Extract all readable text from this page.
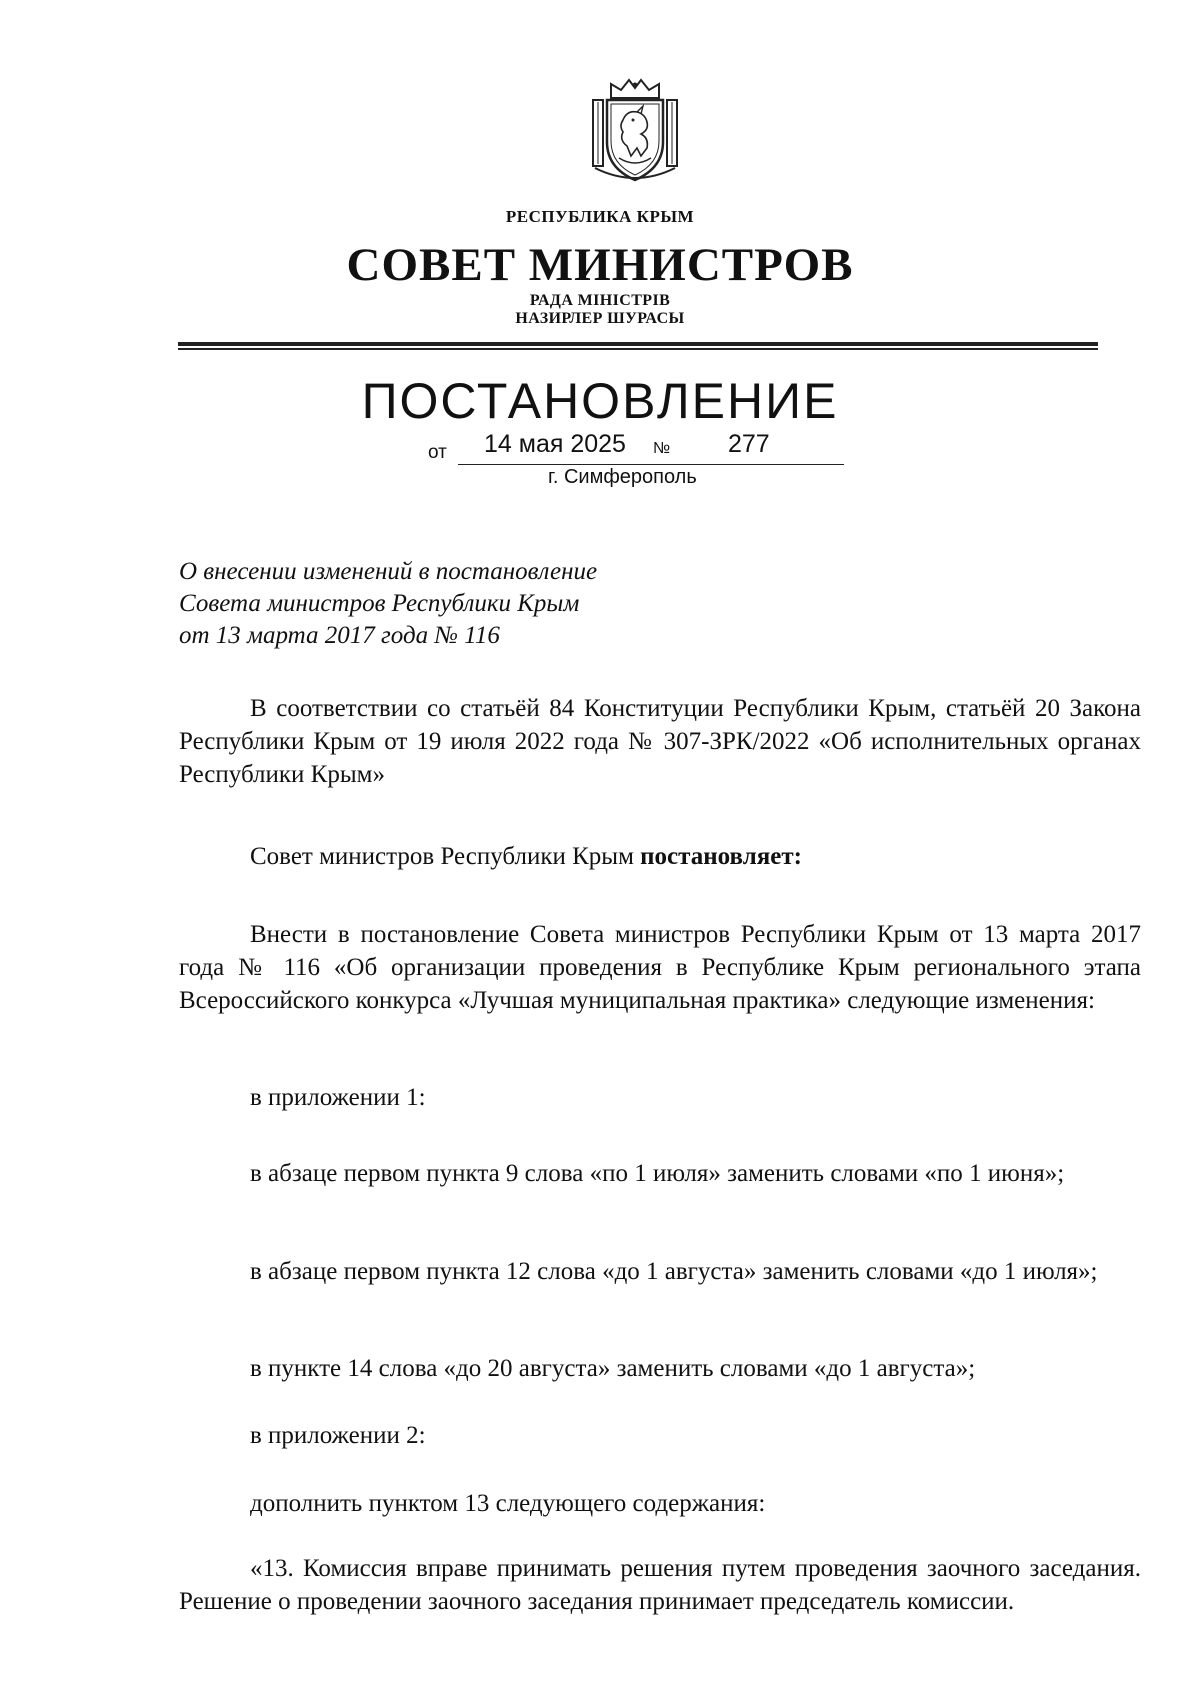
РЕСПУБЛИКА КРЫМ
СОВЕТ МИНИСТРОВ
РАДА МІНІСТРІВ
НАЗИРЛЕР ШУРАСЫ
ПОСТАНОВЛЕНИЕ
от 14 мая 2025 № 277
г. Симферополь
О внесении изменений в постановление
Совета министров Республики Крым
от 13 марта 2017 года № 116
В соответствии со статьёй 84 Конституции Республики Крым, статьёй 20 Закона Республики Крым от 19 июля 2022 года № 307-ЗРК/2022 «Об исполнительных органах Республики Крым»
Совет министров Республики Крым постановляет:
Внести в постановление Совета министров Республики Крым от 13 марта 2017 года № 116 «Об организации проведения в Республике Крым регионального этапа Всероссийского конкурса «Лучшая муниципальная практика» следующие изменения:
в приложении 1:
в абзаце первом пункта 9 слова «по 1 июля» заменить словами «по 1 июня»;
в абзаце первом пункта 12 слова «до 1 августа» заменить словами «до 1 июля»;
в пункте 14 слова «до 20 августа» заменить словами «до 1 августа»;
в приложении 2:
дополнить пунктом 13 следующего содержания:
«13. Комиссия вправе принимать решения путем проведения заочного заседания. Решение о проведении заочного заседания принимает председатель комиссии.
